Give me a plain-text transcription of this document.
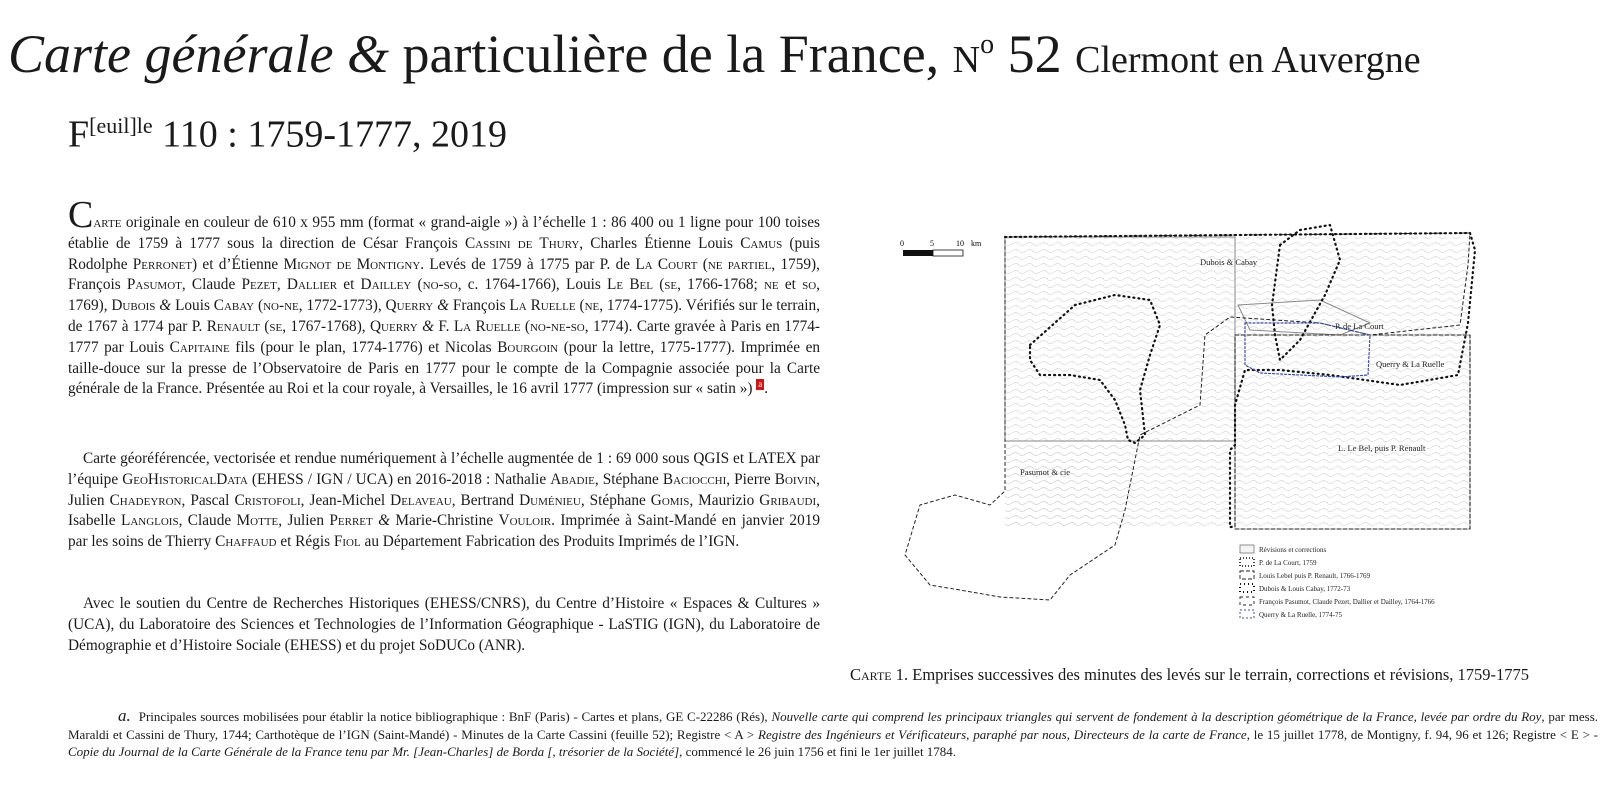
Carte générale & particulière de la France, $n^o$ 52 Clermont en Auvergne
$F^{[euil]le}$ 110 : 1759-1777, 2019

Carte originale en couleur de 610 x 955 mm (format « grand-aigle ») à l’échelle 1 : 86 400 ou 1 ligne pour 100 toises établie de 1759 à 1777 sous la direction de César François Cassini de Thury, Charles Étienne Louis Camus (puis Rodolphe Perronet) et d’Étienne Mignot de Montigny. Levés de 1759 à 1775 par P. de La Court (ne partiel, 1759), François Pasumot, Claude Pezet, Dallier et Dailley (no-so, c. 1764-1766), Louis Le Bel (se, 1766-1768; ne et so, 1769), Dubois & Louis Cabay (no-ne, 1772-1773), Querry & François La Ruelle (ne, 1774-1775). Vérifiés sur le terrain, de 1767 à 1774 par P. Renault (se, 1767-1768), Querry & F. La Ruelle (no-ne-so, 1774). Carte gravée à Paris en 1774-1777 par Louis Capitaine fils (pour le plan, 1774-1776) et Nicolas Bourgoin (pour la lettre, 1775-1777). Imprimée en taille-douce sur la presse de l’Observatoire de Paris en 1777 pour le compte de la Compagnie associée pour la Carte générale de la France. Présentée au Roi et la cour royale, à Versailles, le 16 avril 1777 (impression sur « satin ») a .

Carte géoréférencée, vectorisée et rendue numériquement à l’échelle augmentée de 1 : 69 000 sous QGIS et LATEX par l’équipe GeoHistoricalData (EHESS / IGN / UCA) en 2016-2018 : Nathalie Abadie, Stéphane Baciocchi, Pierre Boivin, Julien Chadeyron, Pascal Cristofoli, Jean-Michel Delaveau, Bertrand Duménieu, Stéphane Gomis, Maurizio Gribaudi, Isabelle Langlois, Claude Motte, Julien Perret & Marie-Christine Vouloir. Imprimée à Saint-Mandé en janvier 2019 par les soins de Thierry Chaffaud et Régis Fiol au Département Fabrication des Produits Imprimés de l’IGN.

Avec le soutien du Centre de Recherches Historiques (EHESS/CNRS), du Centre d’Histoire « Espaces & Cultures » (UCA), du Laboratoire des Sciences et Technologies de l’Information Géographique - LaSTIG (IGN), du Laboratoire de Démographie et d’Histoire Sociale (EHESS) et du projet SoDUCo (ANR).

0	5	10 km
Dubois & Cabay
P. de La Court
Querry & La Ruelle
L. Le Bel, puis P. Renault
Pasumot & cie
Révisions et corrections
P. de La Court, 1759
Louis Lebel puis P. Renault, 1766-1769
Dubois & Louis Cabay, 1772-73
François Pasumot, Claude Pezet, Dallier et Dailley, 1764-1766
Querry & La Ruelle, 1774-75

Carte 1. Emprises successives des minutes des levés sur le terrain, corrections et révisions, 1759-1775

a. Principales sources mobilisées pour établir la notice bibliographique : BnF (Paris) - Cartes et plans, GE C-22286 (Rés), Nouvelle carte qui comprend les principaux triangles qui servent de fondement à la description géométrique de la France, levée par ordre du Roy, par mess. Maraldi et Cassini de Thury, 1744; Carthotèque de l’IGN (Saint-Mandé) - Minutes de la Carte Cassini (feuille 52); Registre < A > Registre des Ingénieurs et Vérificateurs, paraphé par nous, Directeurs de la carte de France, le 15 juillet 1778, de Montigny, f. 94, 96 et 126; Registre < E > -Copie du Journal de la Carte Générale de la France tenu par Mr. [Jean-Charles] de Borda [, trésorier de la Société], commencé le 26 juin 1756 et fini le 1er juillet 1784.
